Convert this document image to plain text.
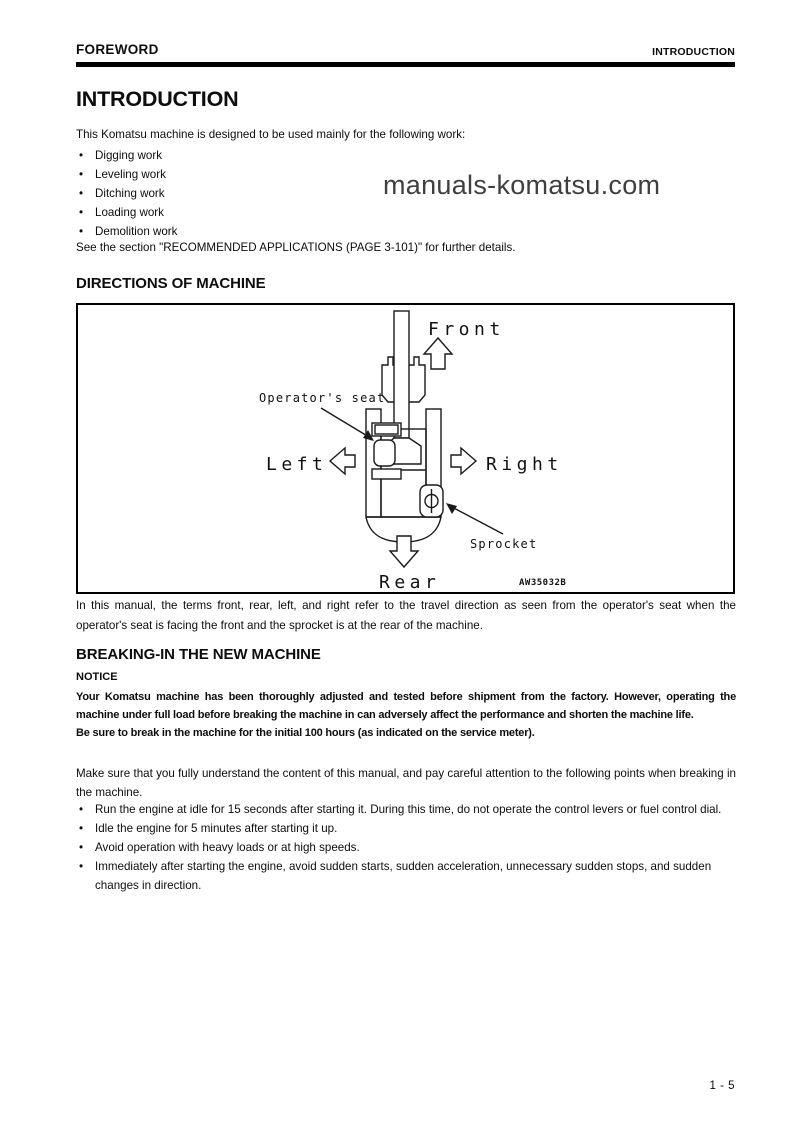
FOREWORD	INTRODUCTION
manuals-komatsu.com
INTRODUCTION

This Komatsu machine is designed to be used mainly for the following work:

•	Digging work
•	Leveling work
•	Ditching work
•	Loading work
•	Demolition work

See the section "RECOMMENDED APPLICATIONS (PAGE 3-101)" for further details.

DIRECTIONS OF MACHINE
Front
Left	Right
Rear
Operator's seat
Sprocket
AW35032B

In this manual, the terms front, rear, left, and right refer to the travel direction as seen from the operator's seat when the operator's seat is facing the front and the sprocket is at the rear of the machine.

BREAKING-IN THE NEW MACHINE

NOTICE

Your Komatsu machine has been thoroughly adjusted and tested before shipment from the factory. However, operating the machine under full load before breaking the machine in can adversely affect the performance and shorten the machine life.

Be sure to break in the machine for the initial 100 hours (as indicated on the service meter).

Make sure that you fully understand the content of this manual, and pay careful attention to the following points when breaking in the machine.

•	Run the engine at idle for 15 seconds after starting it. During this time, do not operate the control levers or fuel control dial.
•	Idle the engine for 5 minutes after starting it up.
•	Avoid operation with heavy loads or at high speeds.
•	Immediately after starting the engine, avoid sudden starts, sudden acceleration, unnecessary sudden stops, and sudden changes in direction.
1 - 5
